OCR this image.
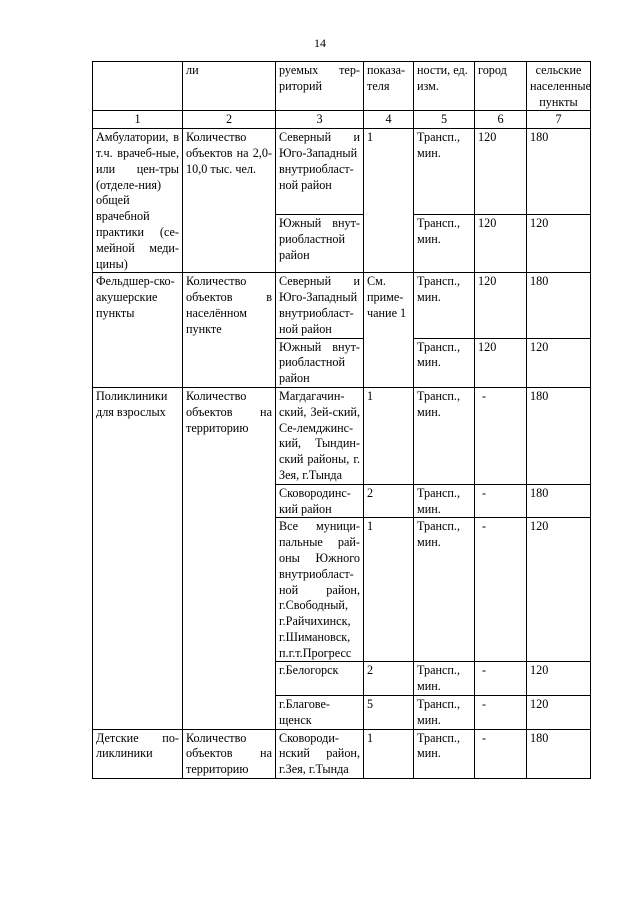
14
	ли	руемых тер-риторий	показа-теля	ности, ед. изм.	город	сельские населенные пункты
1	2	3	4	5	6	7
Амбулатории, в т.ч. врачеб-ные, или цен-тры (отделе-ния) общей врачебной практики (се-мейной меди-цины)	Количество объектов на 2,0-10,0 тыс. чел.	Северный и Юго-Западный внутриобласт-ной район	1	Трансп., мин.	120	180
		Южный внут-риобластной район		Трансп., мин.	120	120
Фельдшер-ско-акушерские пункты	Количество объектов в населённом пункте	Северный и Юго-Западный внутриобласт-ной район	См. приме-чание 1	Трансп., мин.	120	180
		Южный внут-риобластной район		Трансп., мин.	120	120
Поликлиники для взрослых	Количество объектов на территорию	Магдагачин-ский, Зей-ский, Се-лемджинс-кий, Тындин-ский районы, г. Зея, г.Тында	1	Трансп., мин.	-	180
		Сковородинс-кий район	2	Трансп., мин.	-	180
		Все муници-пальные рай-оны Южного внутриобласт-ной район, г.Свободный, г.Райчихинск, г.Шимановск, п.г.т.Прогресс	1	Трансп., мин.	-	120
		г.Белогорск	2	Трансп., мин.	-	120
		г.Благове-щенск	5	Трансп., мин.	-	120
Детские по-ликлиники	Количество объектов на территорию	Сковороди-нский район, г.Зея, г.Тында	1	Трансп., мин.	-	180
